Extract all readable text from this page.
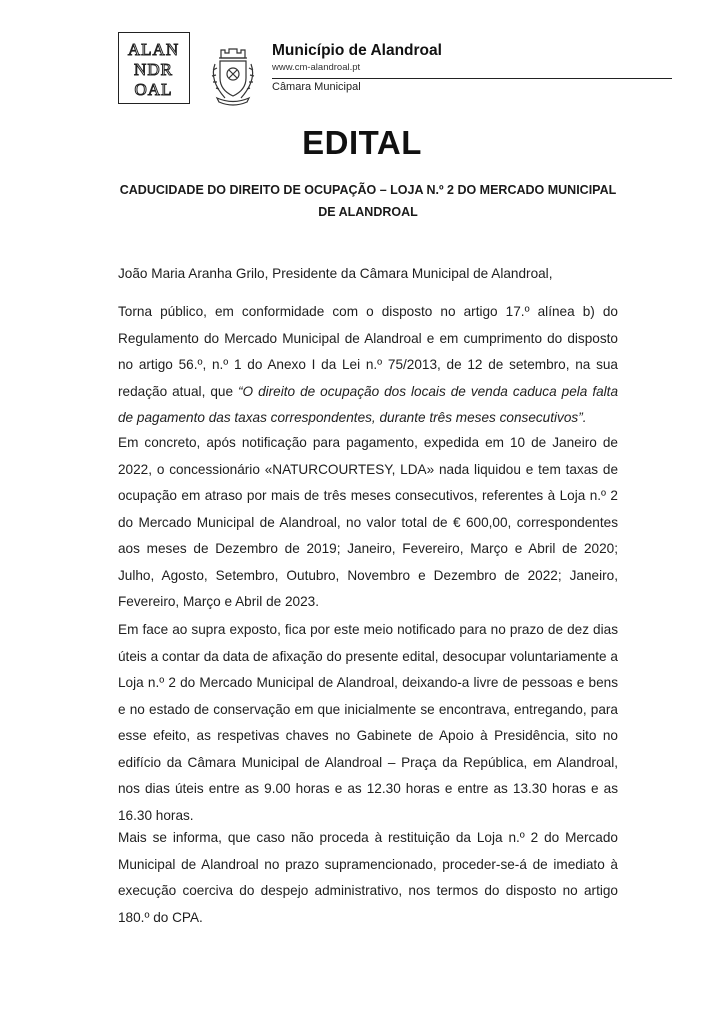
ALAN
NDR
OAL
Município de Alandroal
www.cm-alandroal.pt
Câmara Municipal
EDITAL
CADUCIDADE DO DIREITO DE OCUPAÇÃO – LOJA N.º 2 DO MERCADO MUNICIPAL DE ALANDROAL

João Maria Aranha Grilo, Presidente da Câmara Municipal de Alandroal,

Torna público, em conformidade com o disposto no artigo 17.º alínea b) do Regulamento do Mercado Municipal de Alandroal e em cumprimento do disposto no artigo 56.º, n.º 1 do Anexo I da Lei n.º 75/2013, de 12 de setembro, na sua redação atual, que “O direito de ocupação dos locais de venda caduca pela falta de pagamento das taxas correspondentes, durante três meses consecutivos”.

Em concreto, após notificação para pagamento, expedida em 10 de Janeiro de 2022, o concessionário «NATURCOURTESY, LDA» nada liquidou e tem taxas de ocupação em atraso por mais de três meses consecutivos, referentes à Loja n.º 2 do Mercado Municipal de Alandroal, no valor total de € 600,00, correspondentes aos meses de Dezembro de 2019; Janeiro, Fevereiro, Março e Abril de 2020; Julho, Agosto, Setembro, Outubro, Novembro e Dezembro de 2022; Janeiro, Fevereiro, Março e Abril de 2023.

Em face ao supra exposto, fica por este meio notificado para no prazo de dez dias úteis a contar da data de afixação do presente edital, desocupar voluntariamente a Loja n.º 2 do Mercado Municipal de Alandroal, deixando-a livre de pessoas e bens e no estado de conservação em que inicialmente se encontrava, entregando, para esse efeito, as respetivas chaves no Gabinete de Apoio à Presidência, sito no edifício da Câmara Municipal de Alandroal – Praça da República, em Alandroal, nos dias úteis entre as 9.00 horas e as 12.30 horas e entre as 13.30 horas e as 16.30 horas.

Mais se informa, que caso não proceda à restituição da Loja n.º 2 do Mercado Municipal de Alandroal no prazo supramencionado, proceder-se-á de imediato à execução coerciva do despejo administrativo, nos termos do disposto no artigo 180.º do CPA.
